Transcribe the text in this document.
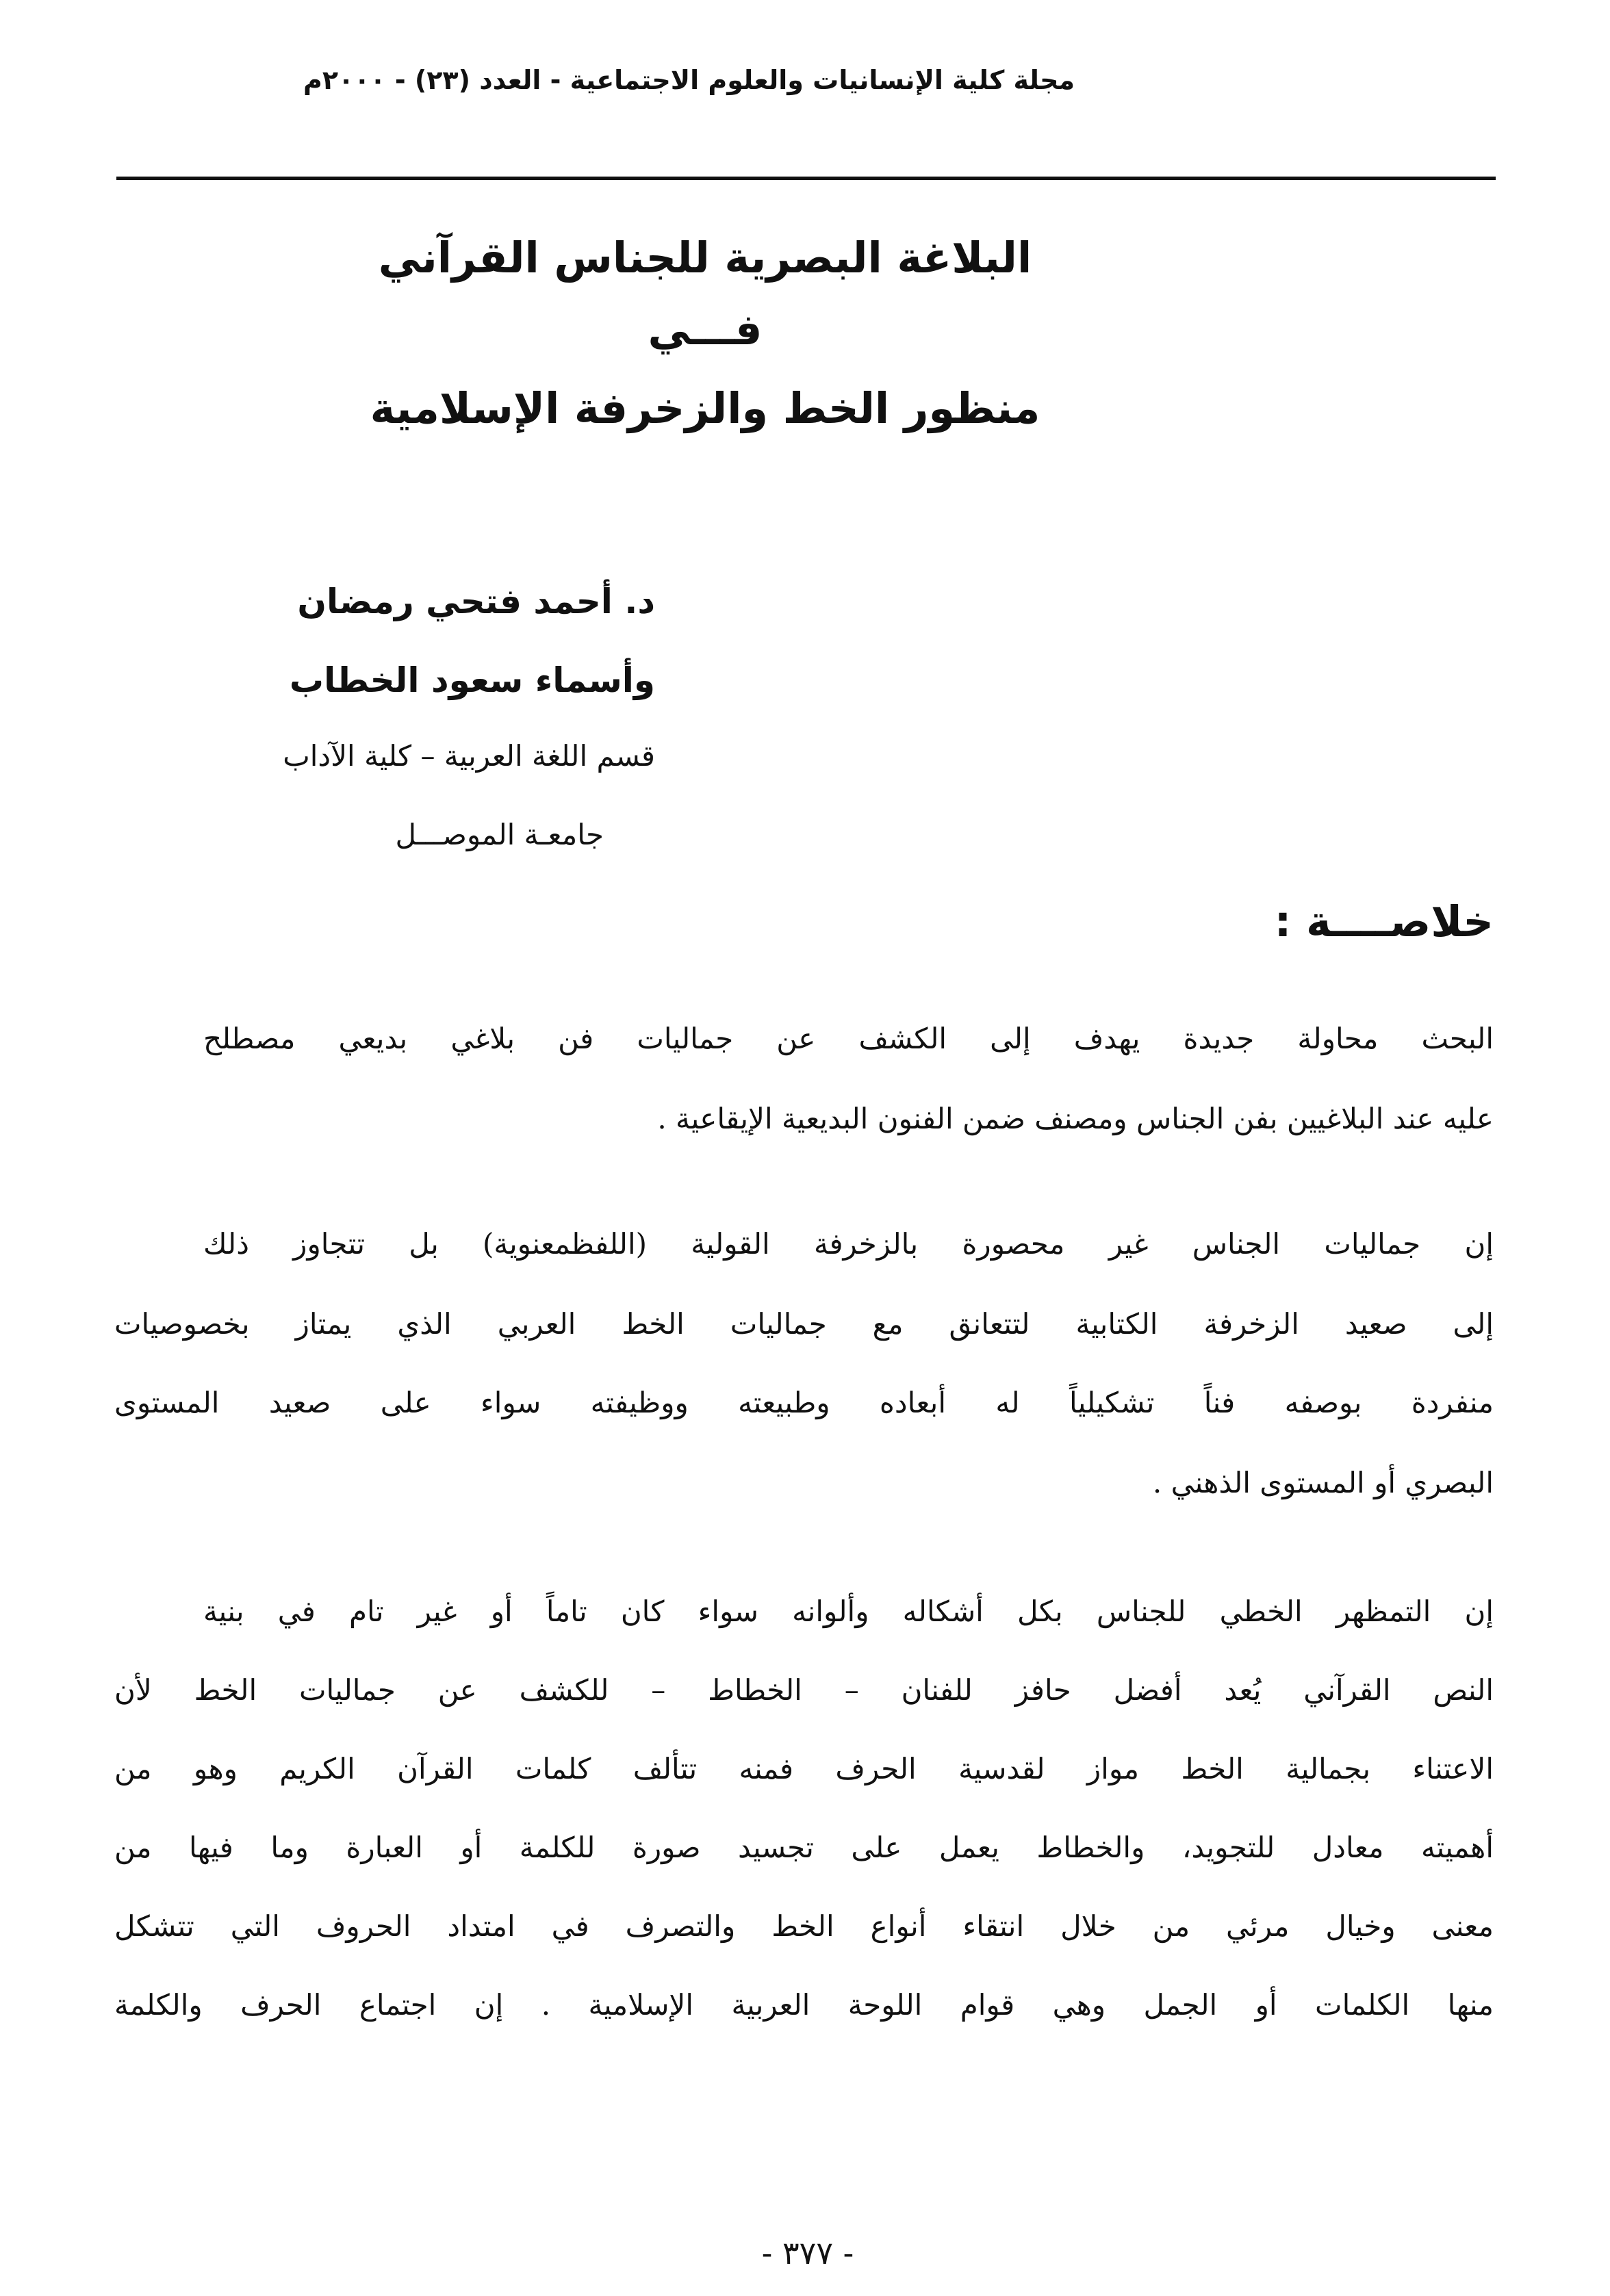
مجلة كلية الإنسانيات والعلوم الاجتماعية - العدد (٢٣) - ٢٠٠٠م
البلاغة البصرية للجناس القرآني
فـــي
منظور الخط والزخرفة الإسلامية
د. أحمد فتحي رمضان
وأسماء سعود الخطاب
قسم اللغة العربية – كلية الآداب
جامعـة الموصـــل
خلاصــــة :
البحث محاولة جديدة يهدف إلى الكشف عن جماليات فن بلاغي بديعي مصطلح
عليه عند البلاغيين بفن الجناس ومصنف ضمن الفنون البديعية الإيقاعية .
إن جماليات الجناس غير محصورة بالزخرفة القولية (اللفظمعنوية) بل تتجاوز ذلك
إلى صعيد الزخرفة الكتابية لتتعانق مع جماليات الخط العربي الذي يمتاز بخصوصيات
منفردة بوصفه فناً تشكيلياً له أبعاده وطبيعته ووظيفته سواء على صعيد المستوى
البصري أو المستوى الذهني .
إن التمظهر الخطي للجناس بكل أشكاله وألوانه سواء كان تاماً أو غير تام في بنية
النص القرآني يُعد أفضل حافز للفنان – الخطاط – للكشف عن جماليات الخط لأن
الاعتناء بجمالية الخط مواز لقدسية الحرف فمنه تتألف كلمات القرآن الكريم وهو من
أهميته معادل للتجويد، والخطاط يعمل على تجسيد صورة للكلمة أو العبارة وما فيها من
معنى وخيال مرئي من خلال انتقاء أنواع الخط والتصرف في امتداد الحروف التي تتشكل
منها الكلمات أو الجمل وهي قوام اللوحة العربية الإسلامية . إن اجتماع الحرف والكلمة
- ٣٧٧ -
